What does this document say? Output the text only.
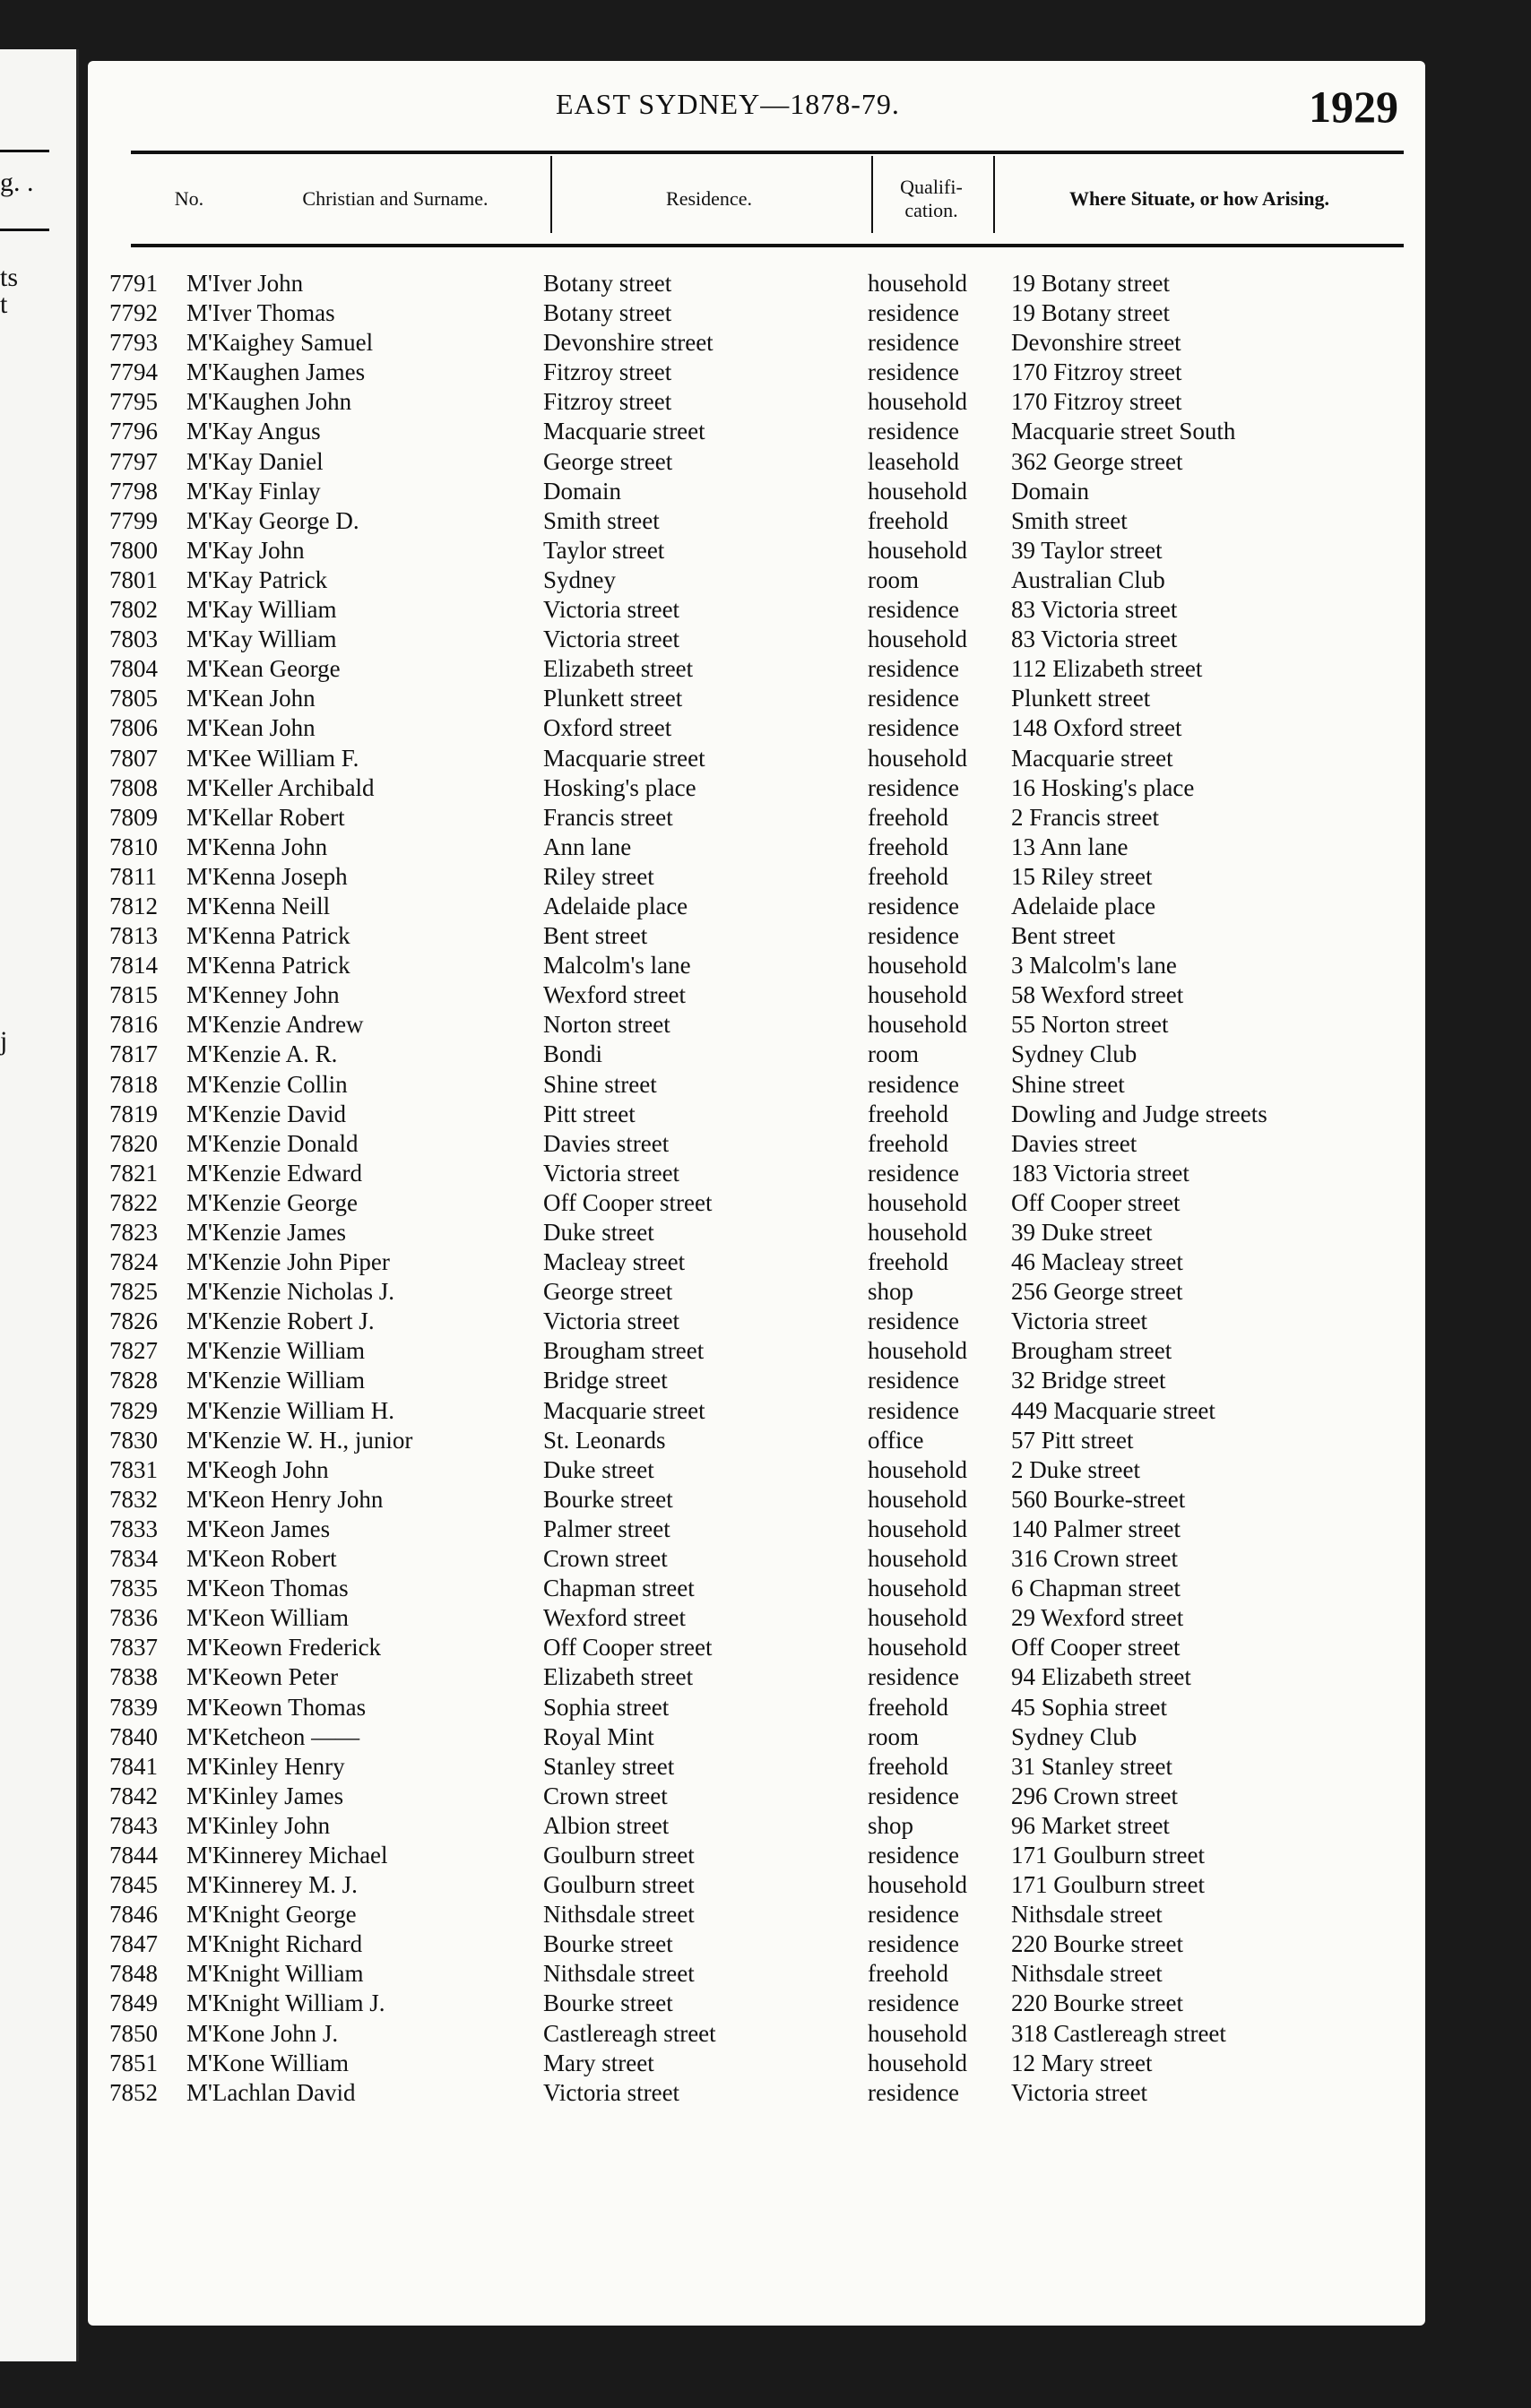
g. .
ts
t
j
EAST SYDNEY—1878-79.	1929
No.	Christian and Surname.	Residence.
Qualifi-
cation.
Where Situate, or how Arising.
7791 M'Iver John	Botany street	household 19 Botany street
7792 M'Iver Thomas	Botany street	residence 19 Botany street
7793 M'Kaighey Samuel	Devonshire street	residence Devonshire street
7794 M'Kaughen James	Fitzroy street	residence 170 Fitzroy street
7795 M'Kaughen John	Fitzroy street	household 170 Fitzroy street
7796 M'Kay Angus	Macquarie street	residence Macquarie street South
7797 M'Kay Daniel	George street	leasehold 362 George street
7798 M'Kay Finlay	Domain	household Domain
7799 M'Kay George D.	Smith street	freehold	Smith street
7800 M'Kay John	Taylor street	household 39 Taylor street
7801 M'Kay Patrick	Sydney	room	Australian Club
7802 M'Kay William	Victoria street	residence 83 Victoria street
7803 M'Kay William	Victoria street	household 83 Victoria street
7804 M'Kean George	Elizabeth street	residence 112 Elizabeth street
7805 M'Kean John	Plunkett street	residence Plunkett street
7806 M'Kean John	Oxford street	residence 148 Oxford street
7807 M'Kee William F.	Macquarie street	household Macquarie street
7808 M'Keller Archibald	Hosking's place	residence 16 Hosking's place
7809 M'Kellar Robert	Francis street	freehold	2 Francis street
7810 M'Kenna John	Ann lane	freehold	13 Ann lane
7811 M'Kenna Joseph	Riley street	freehold	15 Riley street
7812 M'Kenna Neill	Adelaide place	residence Adelaide place
7813 M'Kenna Patrick	Bent street	residence Bent street
7814 M'Kenna Patrick	Malcolm's lane	household 3 Malcolm's lane
7815 M'Kenney John	Wexford street	household 58 Wexford street
7816 M'Kenzie Andrew	Norton street	household 55 Norton street
7817 M'Kenzie A. R.	Bondi	room	Sydney Club
7818 M'Kenzie Collin	Shine street	residence Shine street
7819 M'Kenzie David	Pitt street	freehold	Dowling and Judge streets
7820 M'Kenzie Donald	Davies street	freehold	Davies street
7821 M'Kenzie Edward	Victoria street	residence 183 Victoria street
7822 M'Kenzie George	Off Cooper street	household Off Cooper street
7823 M'Kenzie James	Duke street	household 39 Duke street
7824 M'Kenzie John Piper	Macleay street	freehold	46 Macleay street
7825 M'Kenzie Nicholas J.	George street	shop	256 George street
7826 M'Kenzie Robert J.	Victoria street	residence Victoria street
7827 M'Kenzie William	Brougham street	household Brougham street
7828 M'Kenzie William	Bridge street	residence 32 Bridge street
7829 M'Kenzie William H.	Macquarie street	residence 449 Macquarie street
7830 M'Kenzie W. H., junior	St. Leonards	office	57 Pitt street
7831 M'Keogh John	Duke street	household 2 Duke street
7832 M'Keon Henry John	Bourke street	household 560 Bourke-street
7833 M'Keon James	Palmer street	household 140 Palmer street
7834 M'Keon Robert	Crown street	household 316 Crown street
7835 M'Keon Thomas	Chapman street	household 6 Chapman street
7836 M'Keon William	Wexford street	household 29 Wexford street
7837 M'Keown Frederick	Off Cooper street	household Off Cooper street
7838 M'Keown Peter	Elizabeth street	residence 94 Elizabeth street
7839 M'Keown Thomas	Sophia street	freehold	45 Sophia street
7840 M'Ketcheon ——	Royal Mint	room	Sydney Club
7841 M'Kinley Henry	Stanley street	freehold	31 Stanley street
7842 M'Kinley James	Crown street	residence 296 Crown street
7843 M'Kinley John	Albion street	shop	96 Market street
7844 M'Kinnerey Michael	Goulburn street	residence 171 Goulburn street
7845 M'Kinnerey M. J.	Goulburn street	household 171 Goulburn street
7846 M'Knight George	Nithsdale street	residence Nithsdale street
7847 M'Knight Richard	Bourke street	residence 220 Bourke street
7848 M'Knight William	Nithsdale street	freehold	Nithsdale street
7849 M'Knight William J.	Bourke street	residence 220 Bourke street
7850 M'Kone John J.	Castlereagh street	household 318 Castlereagh street
7851 M'Kone William	Mary street	household 12 Mary street
7852 M'Lachlan David	Victoria street	residence Victoria street
